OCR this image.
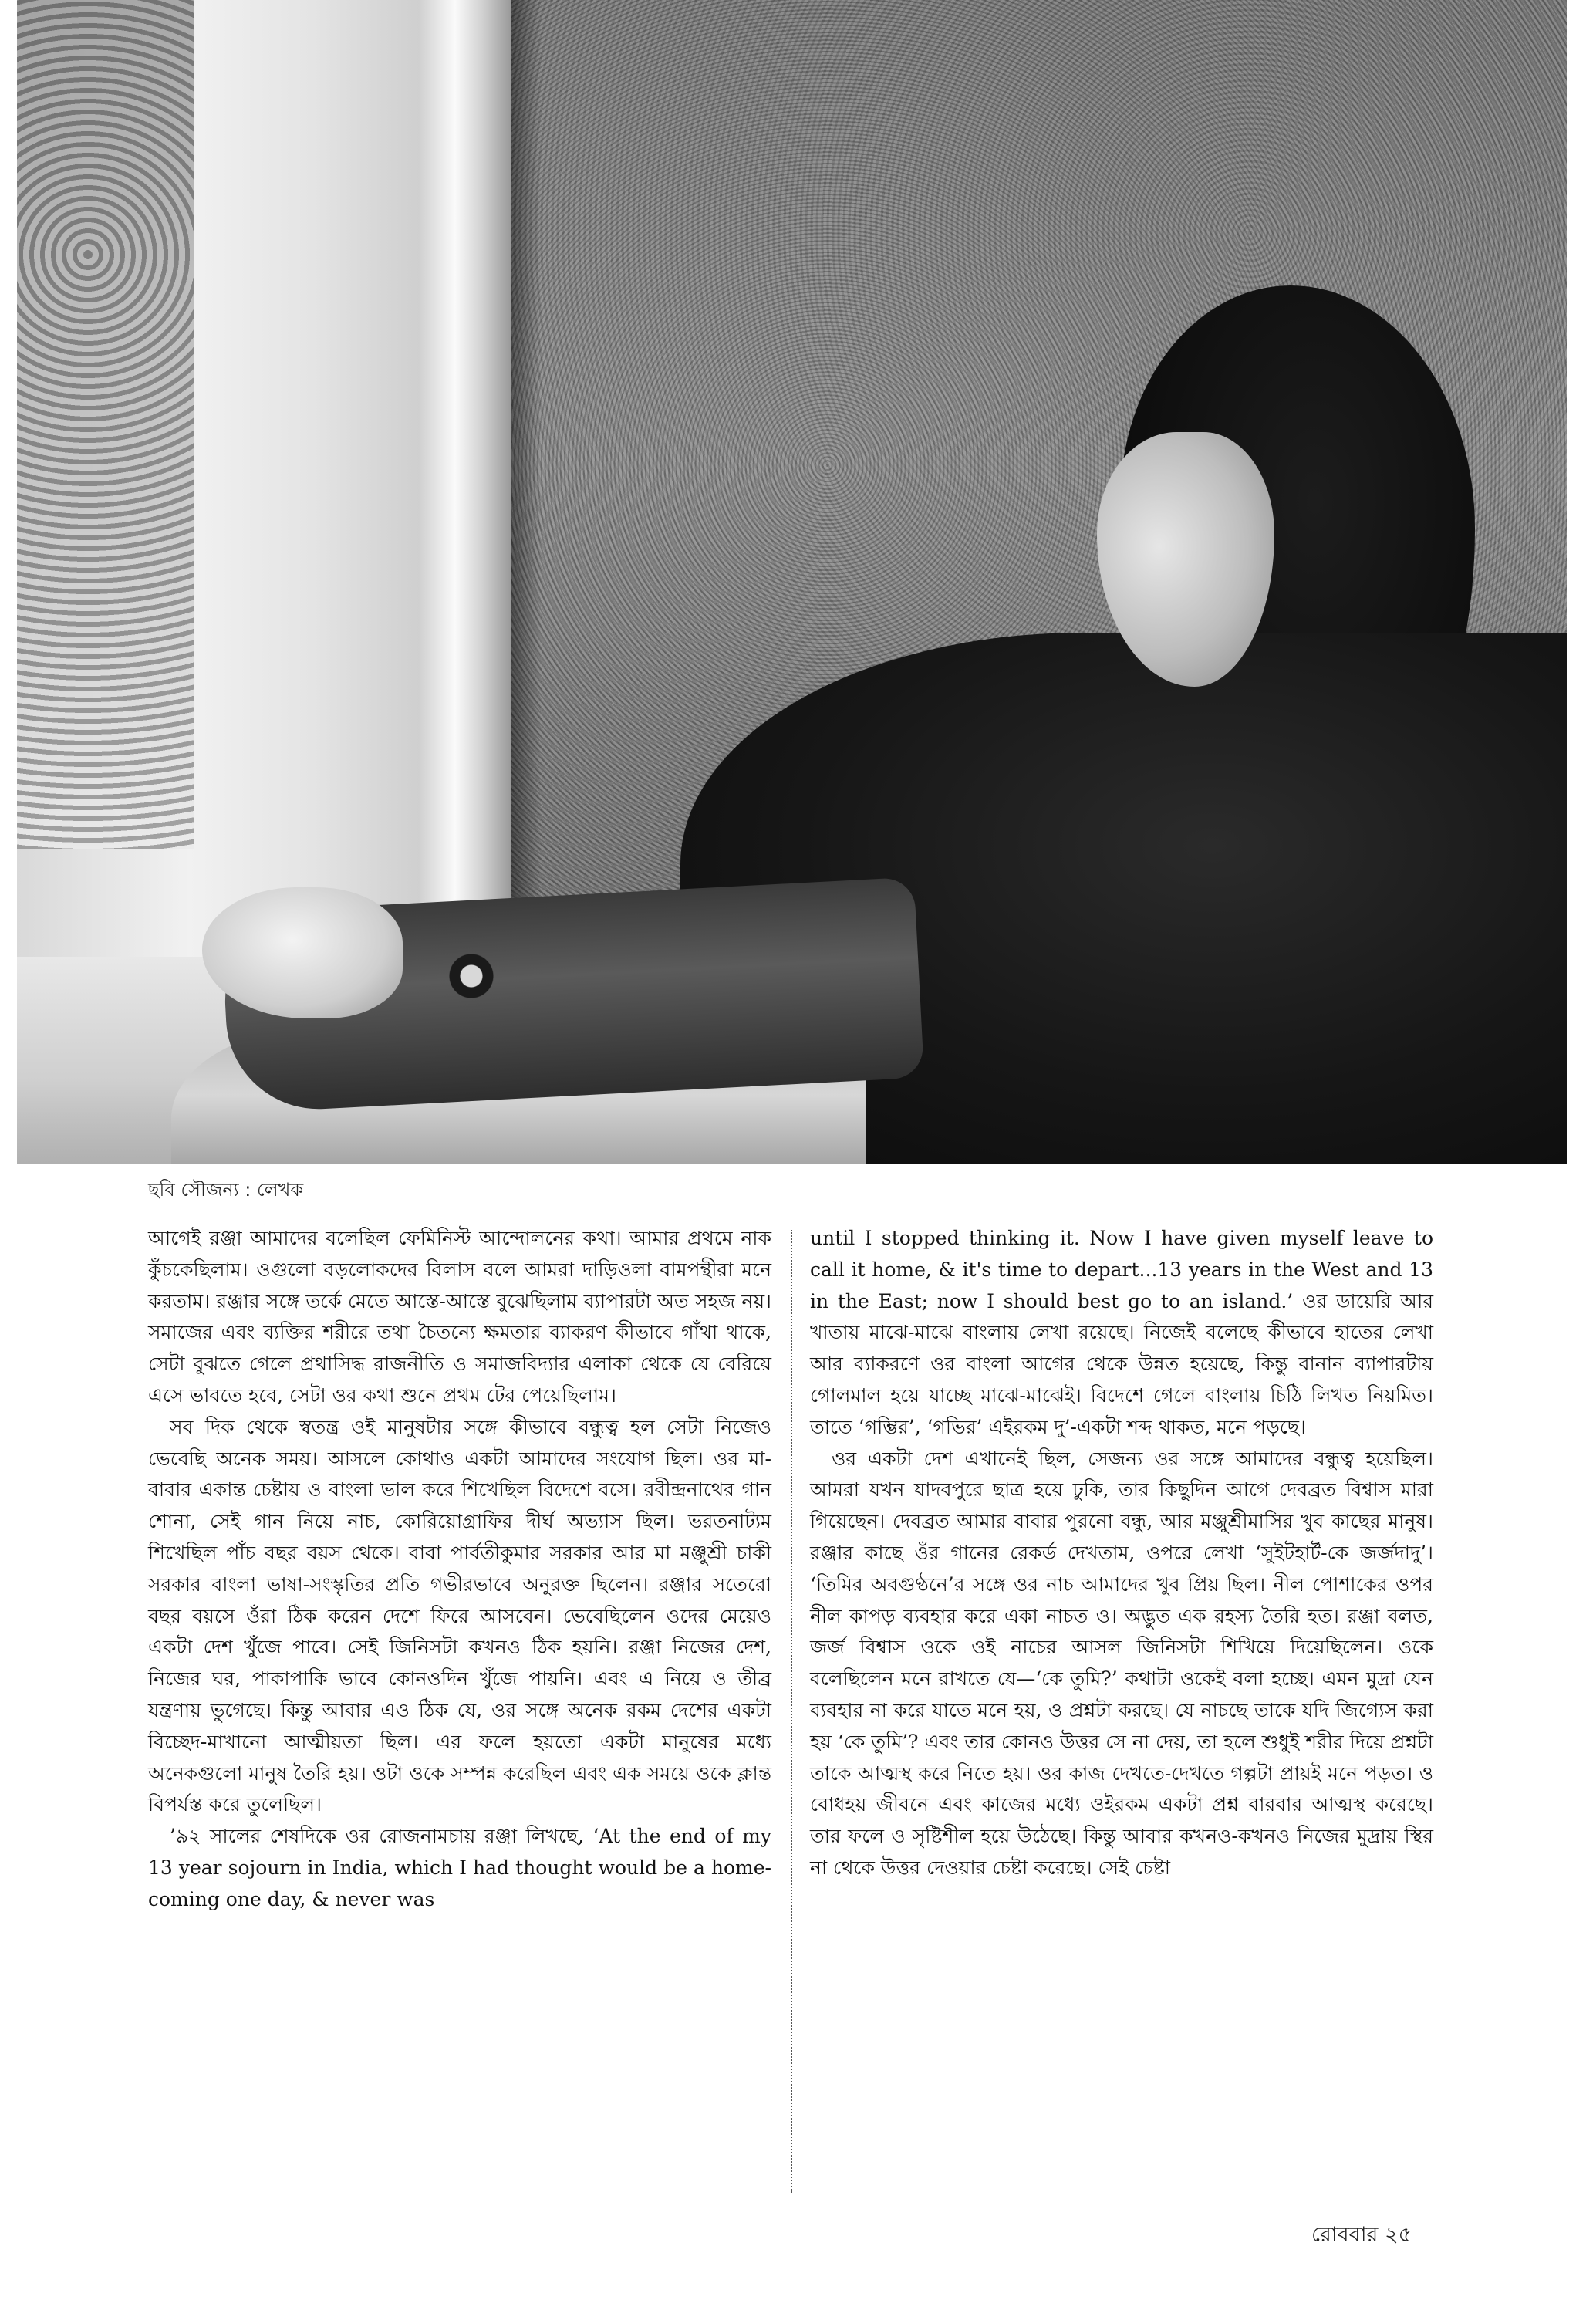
ছবি সৌজন্য : লেখক

আগেই রঞ্জা আমাদের বলেছিল ফেমিনিস্ট আন্দোলনের কথা। আমার প্রথমে নাক কুঁচকেছিলাম। ওগুলো বড়লোকদের বিলাস বলে আমরা দাড়িওলা বামপন্থীরা মনে করতাম। রঞ্জার সঙ্গে তর্কে মেতে আস্তে-আস্তে বুঝেছিলাম ব্যাপারটা অত সহজ নয়। সমাজের এবং ব্যক্তির শরীরে তথা চৈতন্যে ক্ষমতার ব্যাকরণ কীভাবে গাঁথা থাকে, সেটা বুঝতে গেলে প্রথাসিদ্ধ রাজনীতি ও সমাজবিদ্যার এলাকা থেকে যে বেরিয়ে এসে ভাবতে হবে, সেটা ওর কথা শুনে প্রথম টের পেয়েছিলাম।

সব দিক থেকে স্বতন্ত্র ওই মানুষটার সঙ্গে কীভাবে বন্ধুত্ব হল সেটা নিজেও ভেবেছি অনেক সময়। আসলে কোথাও একটা আমাদের সংযোগ ছিল। ওর মা-বাবার একান্ত চেষ্টায় ও বাংলা ভাল করে শিখেছিল বিদেশে বসে। রবীন্দ্রনাথের গান শোনা, সেই গান নিয়ে নাচ, কোরিয়োগ্রাফির দীর্ঘ অভ্যাস ছিল। ভরতনাট্যম শিখেছিল পাঁচ বছর বয়স থেকে। বাবা পার্বতীকুমার সরকার আর মা মঞ্জুশ্রী চাকী সরকার বাংলা ভাষা-সংস্কৃতির প্রতি গভীরভাবে অনুরক্ত ছিলেন। রঞ্জার সতেরো বছর বয়সে ওঁরা ঠিক করেন দেশে ফিরে আসবেন। ভেবেছিলেন ওদের মেয়েও একটা দেশ খুঁজে পাবে। সেই জিনিসটা কখনও ঠিক হয়নি। রঞ্জা নিজের দেশ, নিজের ঘর, পাকাপাকি ভাবে কোনওদিন খুঁজে পায়নি। এবং এ নিয়ে ও তীব্র যন্ত্রণায় ভুগেছে। কিন্তু আবার এও ঠিক যে, ওর সঙ্গে অনেক রকম দেশের একটা বিচ্ছেদ-মাখানো আত্মীয়তা ছিল। এর ফলে হয়তো একটা মানুষের মধ্যে অনেকগুলো মানুষ তৈরি হয়। ওটা ওকে সম্পন্ন করেছিল এবং এক সময়ে ওকে ক্লান্ত বিপর্যস্ত করে তুলেছিল।

’৯২ সালের শেষদিকে ওর রোজনামচায় রঞ্জা লিখছে, ‘At the end of my 13 year sojourn in India, which I had thought would be a home-coming one day, & never was

until I stopped thinking it. Now I have given myself leave to call it home, & it's time to depart...13 years in the West and 13 in the East; now I should best go to an island.’ ওর ডায়েরি আর খাতায় মাঝে-মাঝে বাংলায় লেখা রয়েছে। নিজেই বলেছে কীভাবে হাতের লেখা আর ব্যাকরণে ওর বাংলা আগের থেকে উন্নত হয়েছে, কিন্তু বানান ব্যাপারটায় গোলমাল হয়ে যাচ্ছে মাঝে-মাঝেই। বিদেশে গেলে বাংলায় চিঠি লিখত নিয়মিত। তাতে ‘গম্ভির’, ‘গভির’ এইরকম দু’-একটা শব্দ থাকত, মনে পড়ছে।

ওর একটা দেশ এখানেই ছিল, সেজন্য ওর সঙ্গে আমাদের বন্ধুত্ব হয়েছিল। আমরা যখন যাদবপুরে ছাত্র হয়ে ঢুকি, তার কিছুদিন আগে দেবব্রত বিশ্বাস মারা গিয়েছেন। দেবব্রত আমার বাবার পুরনো বন্ধু, আর মঞ্জুশ্রীমাসির খুব কাছের মানুষ। রঞ্জার কাছে ওঁর গানের রেকর্ড দেখতাম, ওপরে লেখা ‘সুইটহার্ট-কে জর্জদাদু’। ‘তিমির অবগুণ্ঠনে’র সঙ্গে ওর নাচ আমাদের খুব প্রিয় ছিল। নীল পোশাকের ওপর নীল কাপড় ব্যবহার করে একা নাচত ও। অদ্ভুত এক রহস্য তৈরি হত। রঞ্জা বলত, জর্জ বিশ্বাস ওকে ওই নাচের আসল জিনিসটা শিখিয়ে দিয়েছিলেন। ওকে বলেছিলেন মনে রাখতে যে—‘কে তুমি?’ কথাটা ওকেই বলা হচ্ছে। এমন মুদ্রা যেন ব্যবহার না করে যাতে মনে হয়, ও প্রশ্নটা করছে। যে নাচছে তাকে যদি জিগ্যেস করা হয় ‘কে তুমি’? এবং তার কোনও উত্তর সে না দেয়, তা হলে শুধুই শরীর দিয়ে প্রশ্নটা তাকে আত্মস্থ করে নিতে হয়। ওর কাজ দেখতে-দেখতে গল্পটা প্রায়ই মনে পড়ত। ও বোধহয় জীবনে এবং কাজের মধ্যে ওইরকম একটা প্রশ্ন বারবার আত্মস্থ করেছে। তার ফলে ও সৃষ্টিশীল হয়ে উঠেছে। কিন্তু আবার কখনও-কখনও নিজের মুদ্রায় স্থির না থেকে উত্তর দেওয়ার চেষ্টা করেছে। সেই চেষ্টা

রোববার ২৫
